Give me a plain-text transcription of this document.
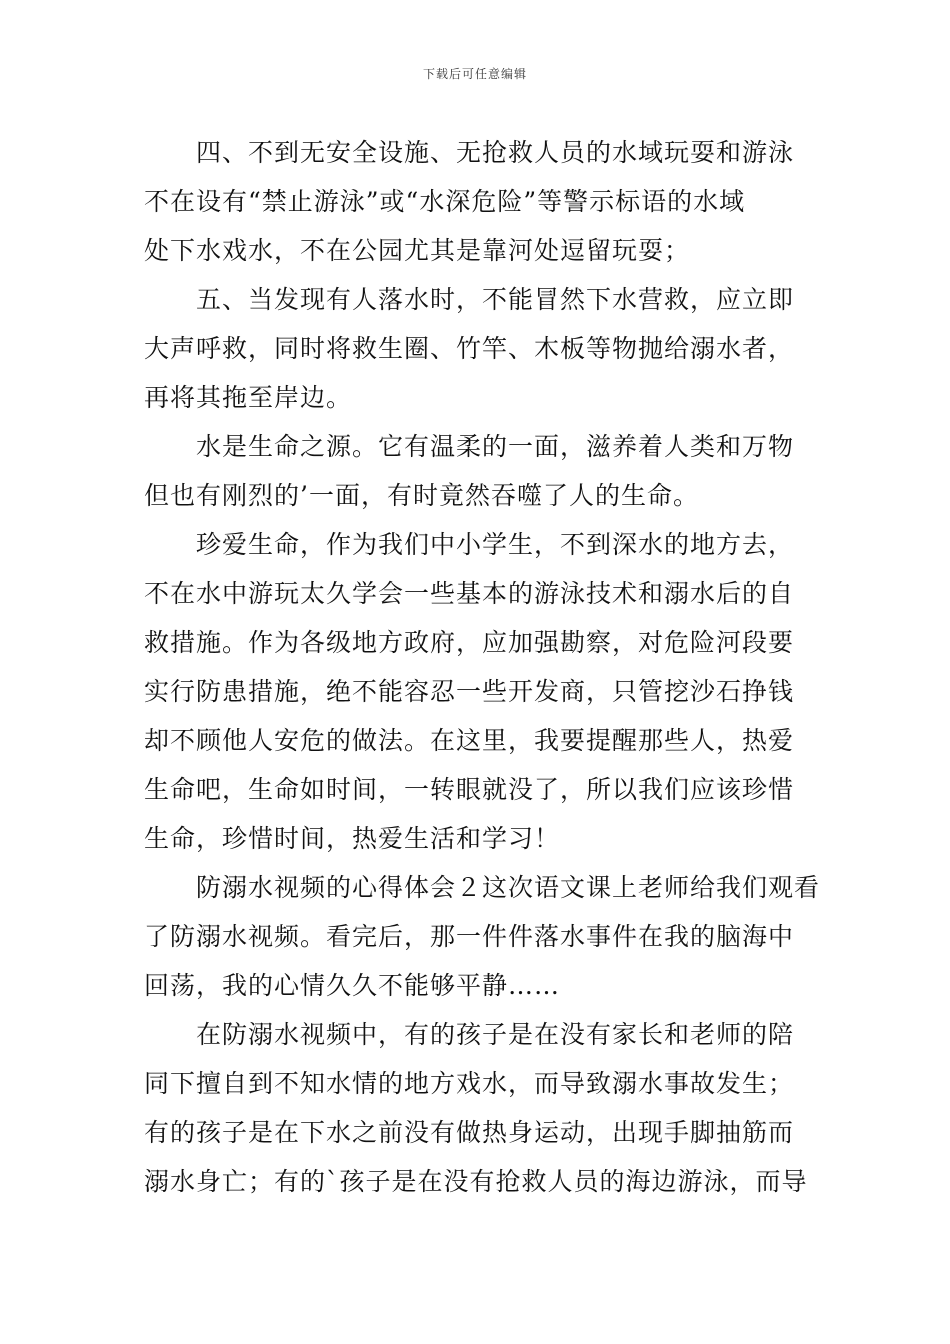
下载后可任意编辑

四、不到无安全设施、无抢救人员的水域玩耍和游泳
不在设有“禁止游泳”或“水深危险”等警示标语的水域
处下水戏水，不在公园尤其是靠河处逗留玩耍；

五、当发现有人落水时，不能冒然下水营救，应立即
大声呼救，同时将救生圈、竹竿、木板等物抛给溺水者，
再将其拖至岸边。

水是生命之源。它有温柔的一面，滋养着人类和万物
但也有刚烈的’一面，有时竟然吞噬了人的生命。

珍爱生命，作为我们中小学生，不到深水的地方去，
不在水中游玩太久学会一些基本的游泳技术和溺水后的自
救措施。作为各级地方政府，应加强勘察，对危险河段要
实行防患措施，绝不能容忍一些开发商，只管挖沙石挣钱
却不顾他人安危的做法。在这里，我要提醒那些人，热爱
生命吧，生命如时间，一转眼就没了，所以我们应该珍惜
生命，珍惜时间，热爱生活和学习！

防溺水视频的心得体会２这次语文课上老师给我们观看
了防溺水视频。看完后，那一件件落水事件在我的脑海中
回荡，我的心情久久不能够平静……

在防溺水视频中，有的孩子是在没有家长和老师的陪
同下擅自到不知水情的地方戏水，而导致溺水事故发生；
有的孩子是在下水之前没有做热身运动，出现手脚抽筋而
溺水身亡；有的`孩子是在没有抢救人员的海边游泳，而导
